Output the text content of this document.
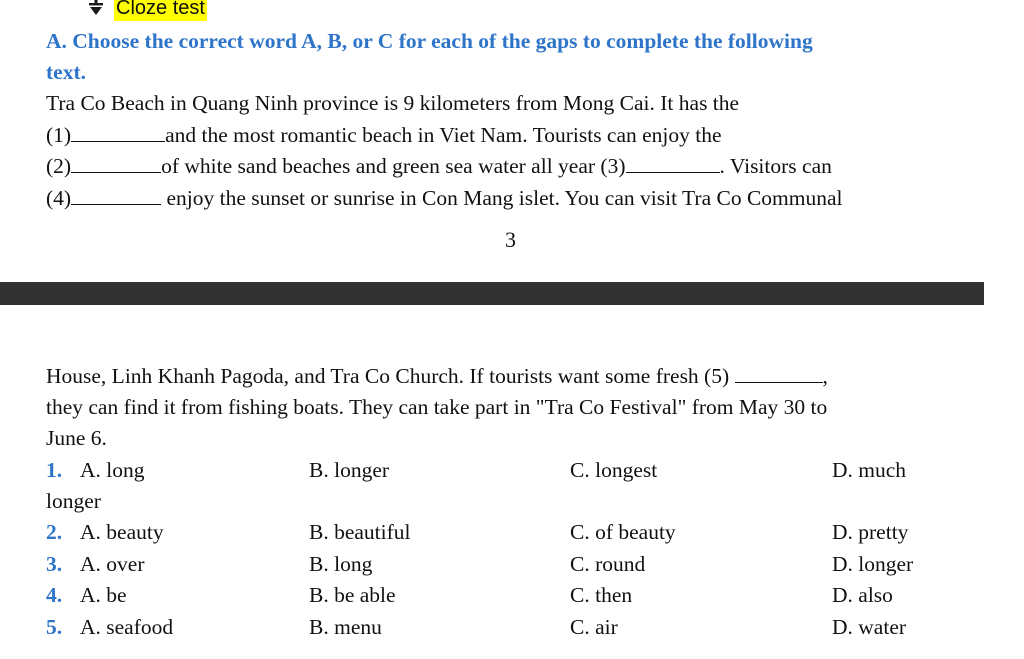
Cloze test
A. Choose the correct word A, B, or C for each of the gaps to complete the following
text.
Tra Co Beach in Quang Ninh province is 9 kilometers from Mong Cai. It has the
(1)	and the most romantic beach in Viet Nam. Tourists can enjoy the
(2)	of white sand beaches and green sea water all year (3)	. Visitors can
(4)	enjoy the sunset or sunrise in Con Mang islet. You can visit Tra Co Communal
3
House, Linh Khanh Pagoda, and Tra Co Church. If tourists want some fresh (5)	,
they can find it from fishing boats. They can take part in "Tra Co Festival" from May 30 to
June 6.
1. A. long	B. longer	C. longest	D. much
longer
2. A. beauty	B. beautiful	C. of beauty	D. pretty
3. A. over	B. long	C. round	D. longer
4. A. be	B. be able	C. then	D. also
5. A. seafood	B. menu	C. air	D. water
